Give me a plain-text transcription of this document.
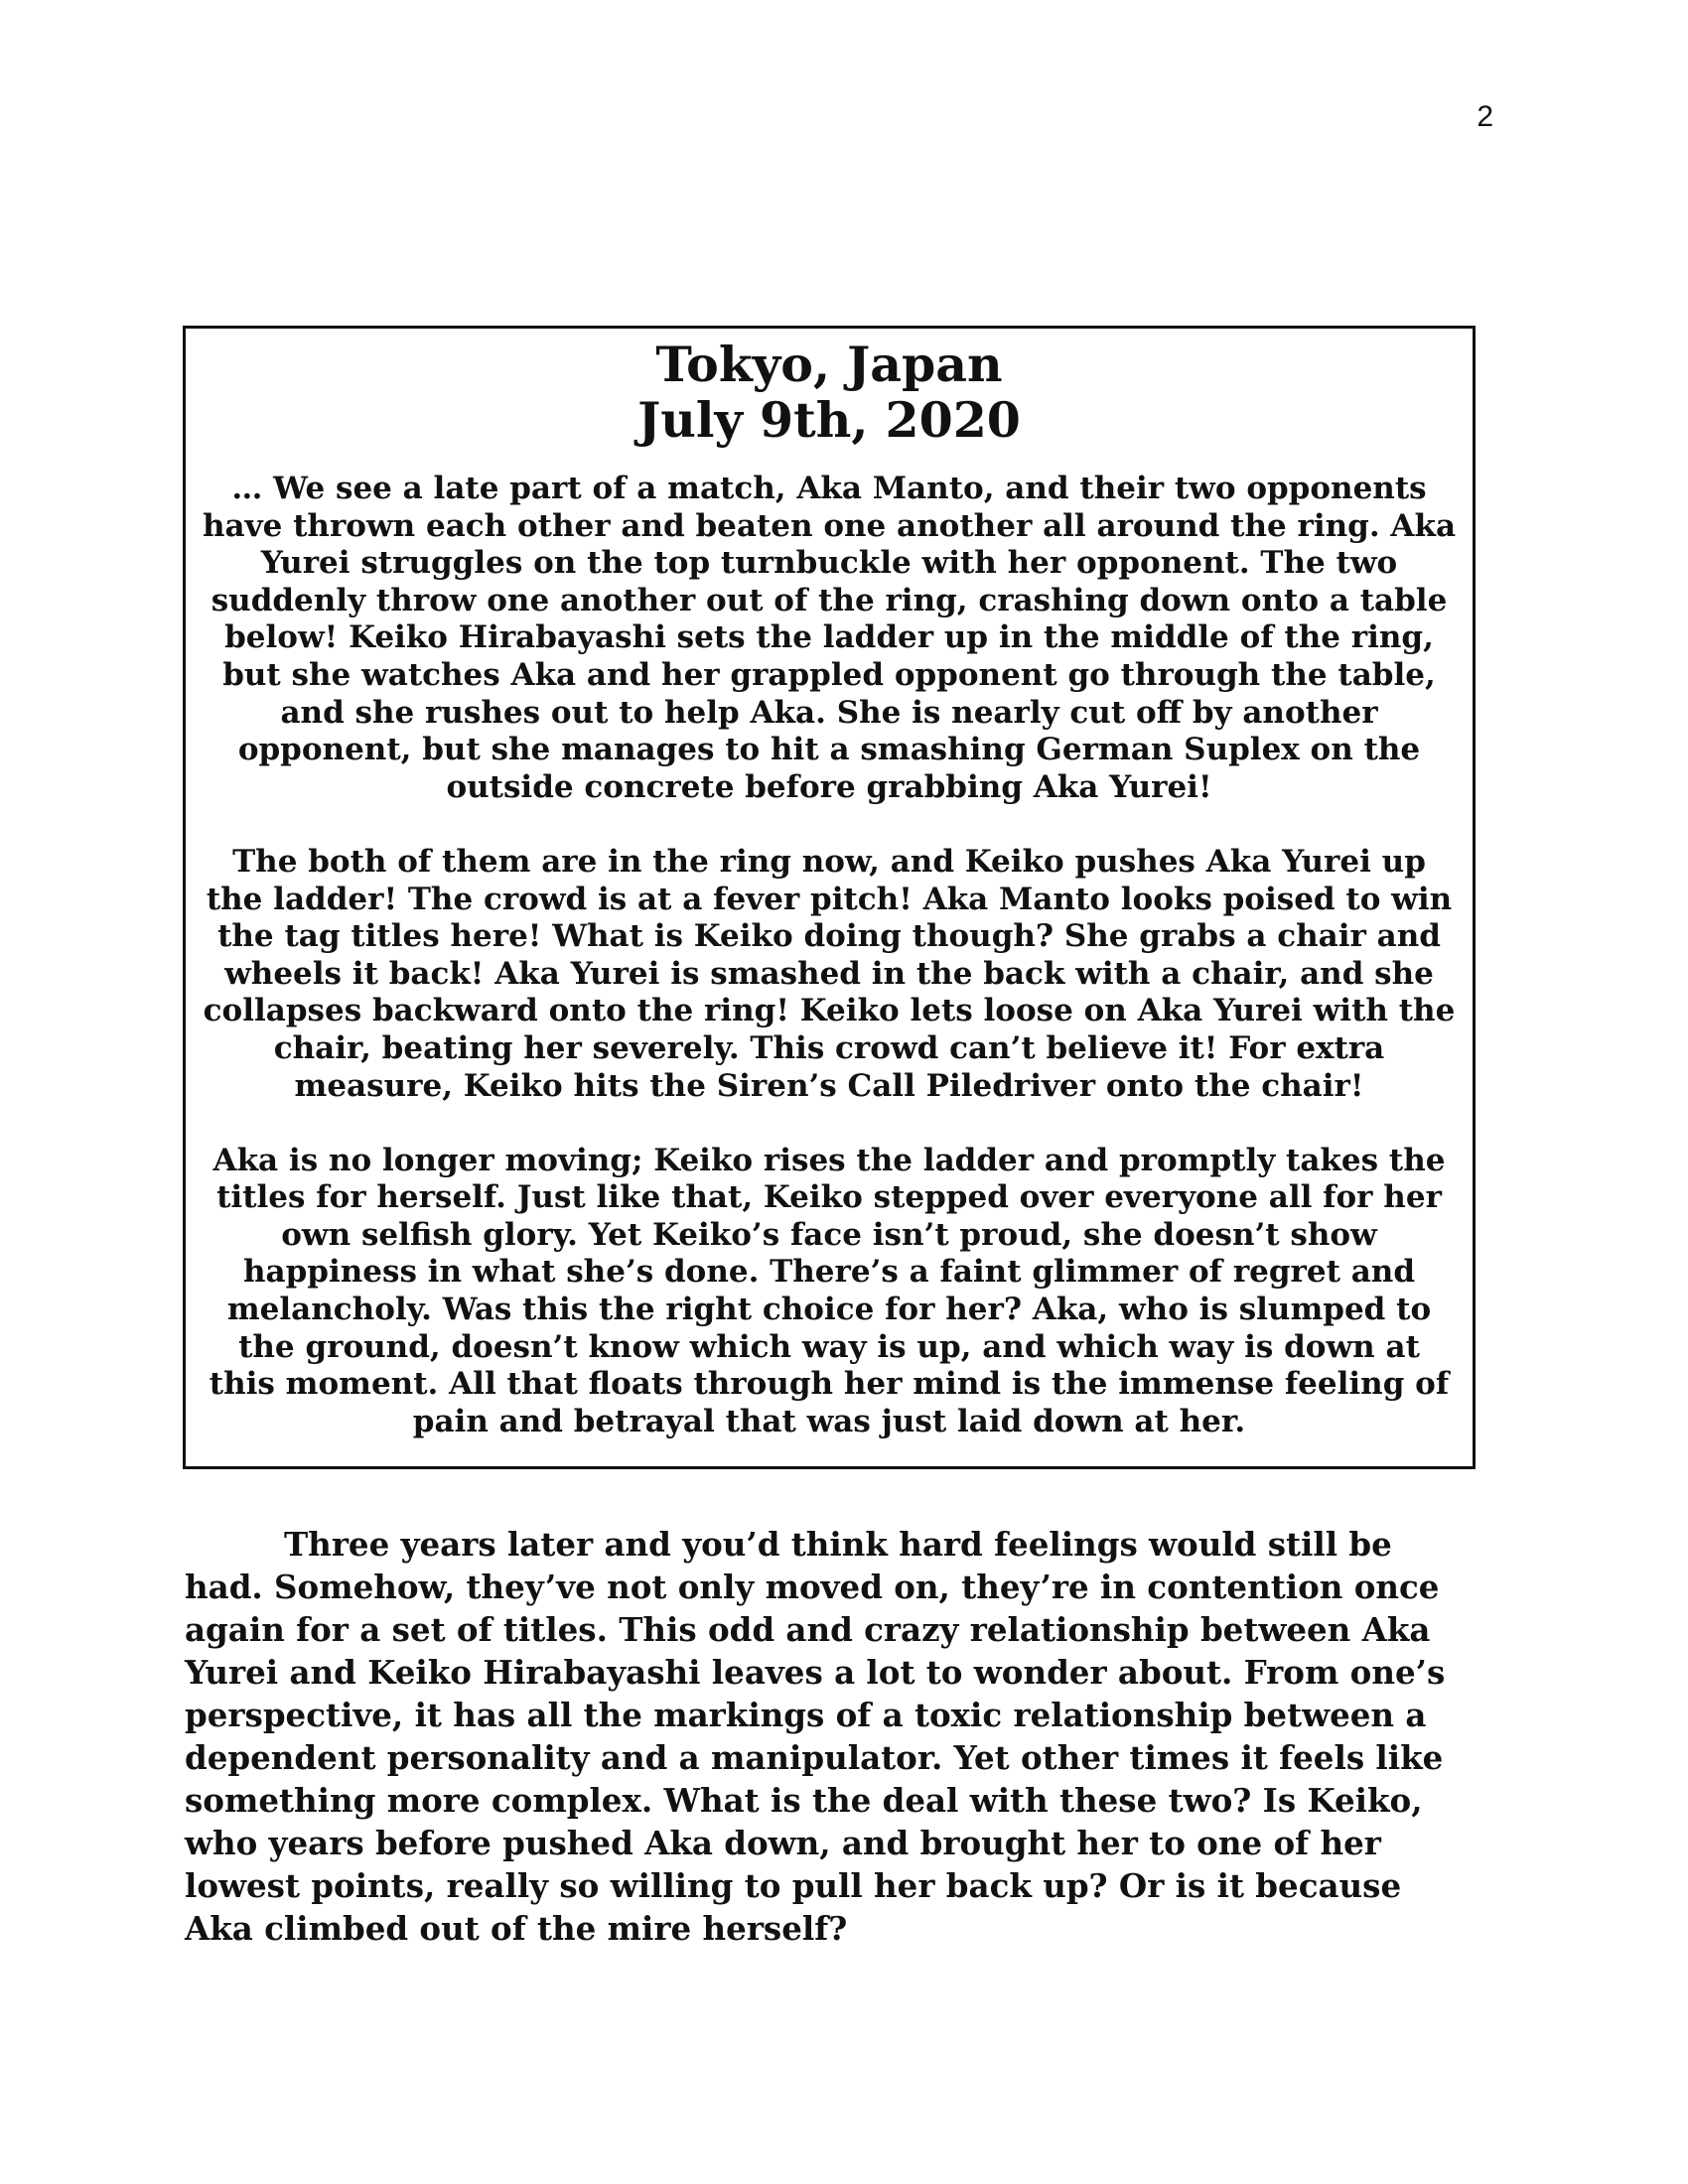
2
Tokyo, Japan
July 9th, 2020

… We see a late part of a match, Aka Manto, and their two opponents have thrown each other and beaten one another all around the ring. Aka Yurei struggles on the top turnbuckle with her opponent. The two suddenly throw one another out of the ring, crashing down onto a table below! Keiko Hirabayashi sets the ladder up in the middle of the ring, but she watches Aka and her grappled opponent go through the table, and she rushes out to help Aka. She is nearly cut off by another opponent, but she manages to hit a smashing German Suplex on the outside concrete before grabbing Aka Yurei!

The both of them are in the ring now, and Keiko pushes Aka Yurei up the ladder! The crowd is at a fever pitch! Aka Manto looks poised to win the tag titles here! What is Keiko doing though? She grabs a chair and wheels it back! Aka Yurei is smashed in the back with a chair, and she collapses backward onto the ring! Keiko lets loose on Aka Yurei with the chair, beating her severely. This crowd can’t believe it! For extra measure, Keiko hits the Siren’s Call Piledriver onto the chair!

Aka is no longer moving; Keiko rises the ladder and promptly takes the titles for herself. Just like that, Keiko stepped over everyone all for her own selfish glory. Yet Keiko’s face isn’t proud, she doesn’t show happiness in what she’s done. There’s a faint glimmer of regret and melancholy. Was this the right choice for her? Aka, who is slumped to the ground, doesn’t know which way is up, and which way is down at this moment. All that floats through her mind is the immense feeling of pain and betrayal that was just laid down at her.

Three years later and you’d think hard feelings would still be had. Somehow, they’ve not only moved on, they’re in contention once again for a set of titles. This odd and crazy relationship between Aka Yurei and Keiko Hirabayashi leaves a lot to wonder about. From one’s perspective, it has all the markings of a toxic relationship between a dependent personality and a manipulator. Yet other times it feels like something more complex. What is the deal with these two? Is Keiko, who years before pushed Aka down, and brought her to one of her lowest points, really so willing to pull her back up? Or is it because Aka climbed out of the mire herself?
